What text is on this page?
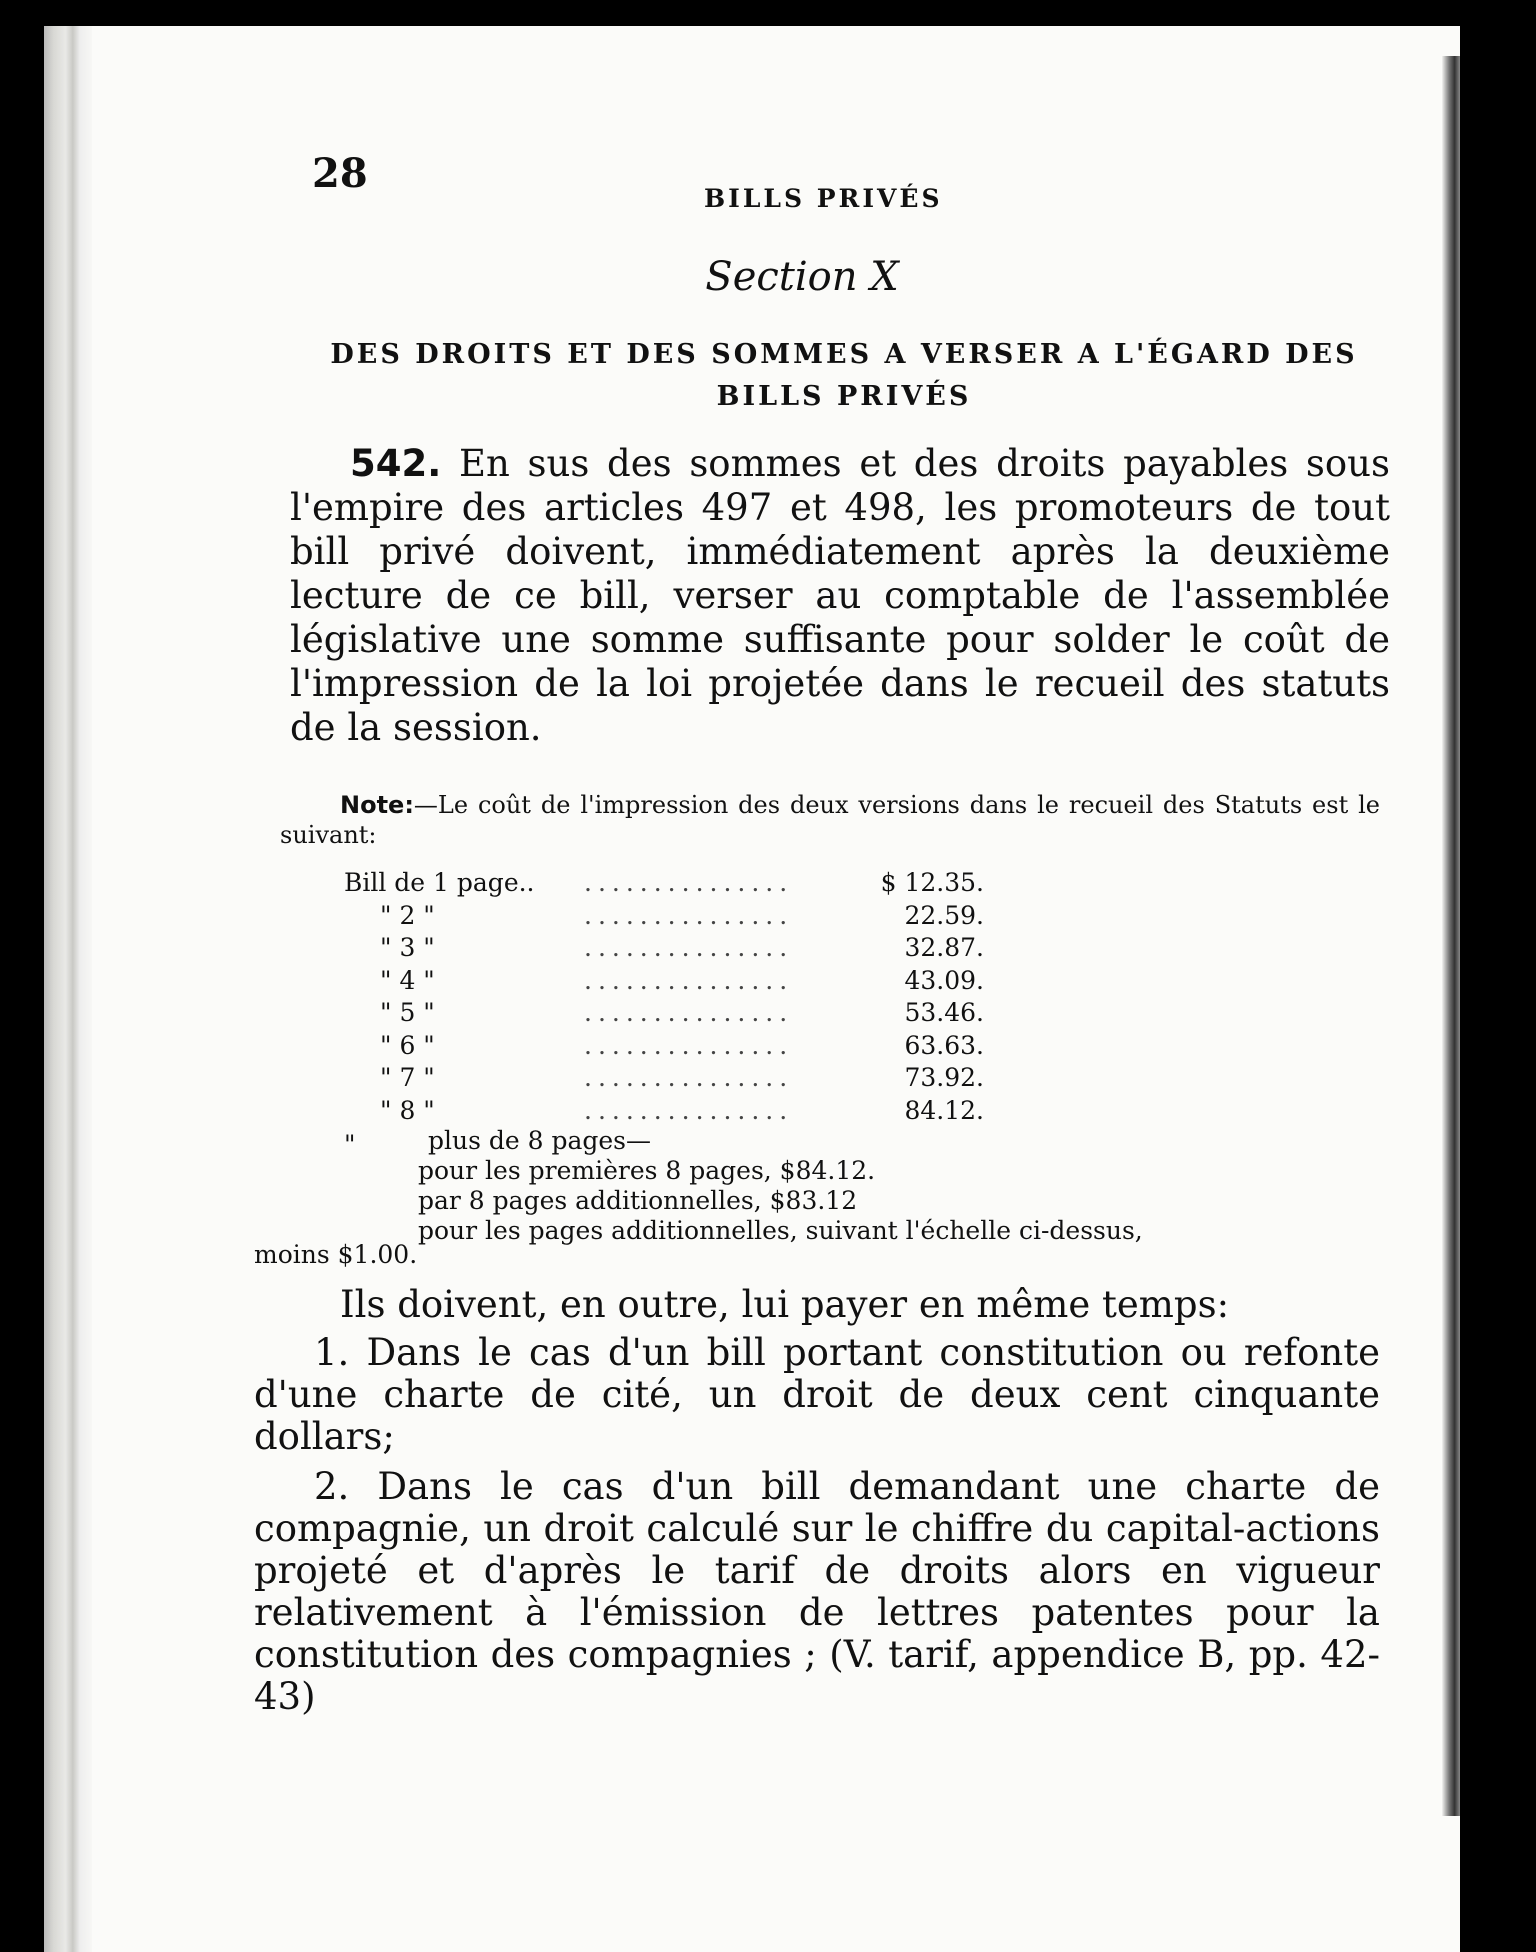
28
BILLS PRIVÉS
Section X
DES DROITS ET DES SOMMES A VERSER A L'ÉGARD DES BILLS PRIVÉS
542. En sus des sommes et des droits payables sous l'empire des articles 497 et 498, les promoteurs de tout bill privé doivent, immédiatement après la deuxième lecture de ce bill, verser au comptable de l'assemblée législative une somme suffisante pour solder le coût de l'impression de la loi projetée dans le recueil des statuts de la session.
Note:—Le coût de l'impression des deux versions dans le recueil des Statuts est le suivant:
Bill de 1 page.. ...............	$ 12.35.
" 2 "	...............	22.59.
" 3 "	...............	32.87.
" 4 "	...............	43.09.
" 5 "	...............	53.46.
" 6 "	...............	63.63.
" 7 "	...............	73.92.
" 8 "	...............	84.12.
"	plus de 8 pages—
pour les premières 8 pages, $84.12.
par 8 pages additionnelles, $83.12
pour les pages additionnelles, suivant l'échelle ci-dessus,
moins $1.00.
Ils doivent, en outre, lui payer en même temps:
1. Dans le cas d'un bill portant constitution ou refonte d'une charte de cité, un droit de deux cent cinquante dollars;
2. Dans le cas d'un bill demandant une charte de compagnie, un droit calculé sur le chiffre du capital-actions projeté et d'après le tarif de droits alors en vigueur relativement à l'émission de lettres patentes pour la constitution des compagnies ; (V. tarif, appendice B, pp. 42-43)
